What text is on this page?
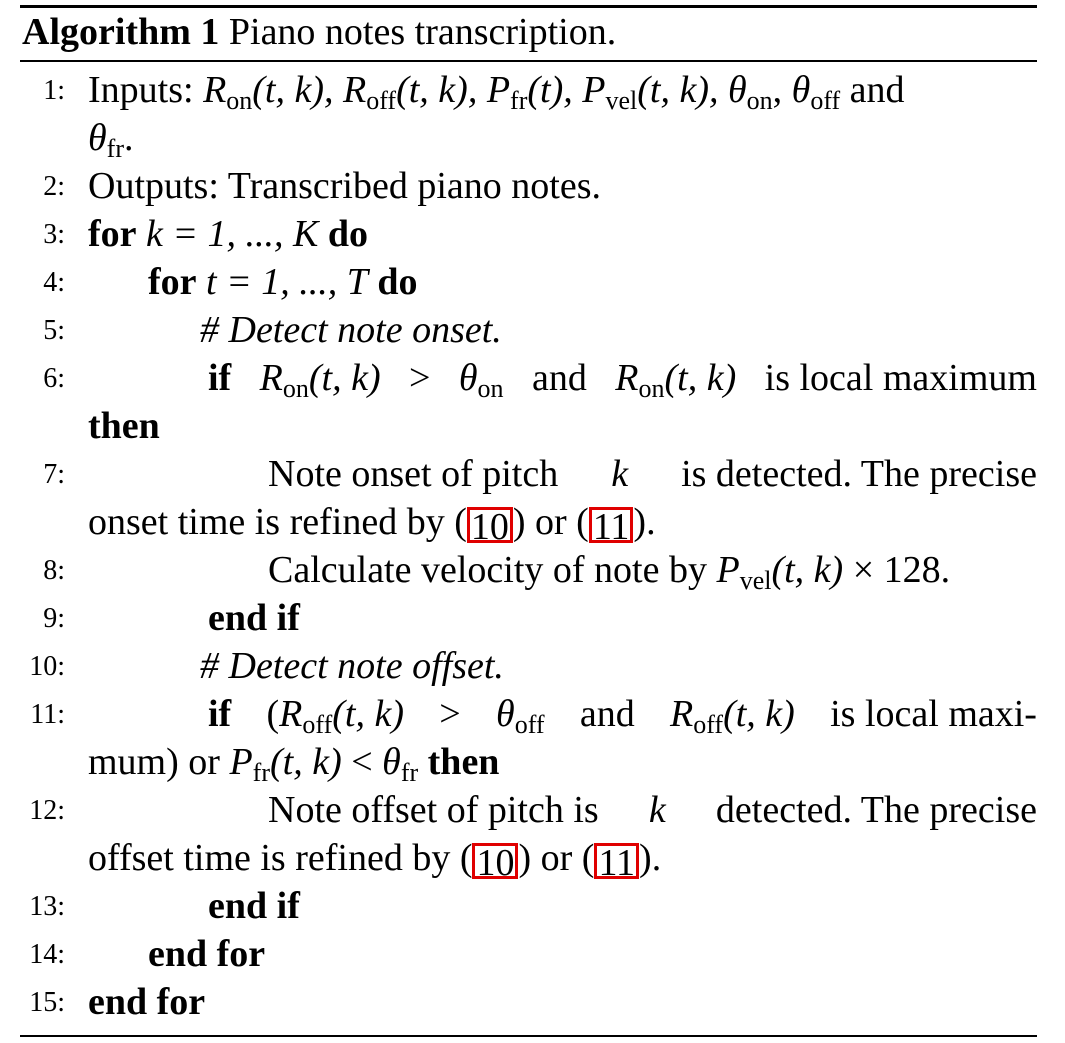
Algorithm 1 Piano notes transcription.
1: Inputs: $R_{on}(t$, k), $R_{off}(t$, k), $P_{fr}(t)$, $P_{vel}(t$, k), $\theta_{on}$, $\theta_{off}$ and
$\theta_{fr}$.
2: Outputs: Transcribed piano notes.
3: for k = 1, ..., K do
4: for t = 1, ..., T do
5:	# Detect note onset.
6:	if $R_{on}(t$, $k) > \theta_{on}$ and $R_{on}(t$, k) is local maximum
then
7:	Note onset of pitch k is detected. The precise
onset time is refined by ( 10 ) or ( 11 ).
8:	Calculate velocity of note by $P_{vel}(t$, k) × 128.
9:	end if
10:	# Detect note offset.
11:	if ($R_{off}(t$, $k) > \theta_{off}$ and $R_{off}(t$, k) is local maxi-
mum) or $P_{fr}(t$, $k) < \theta_{fr}$ then
12:	Note offset of pitch is k detected. The precise
offset time is refined by ( 10 ) or ( 11 ).
13:	end if
14: end for
15: end for
